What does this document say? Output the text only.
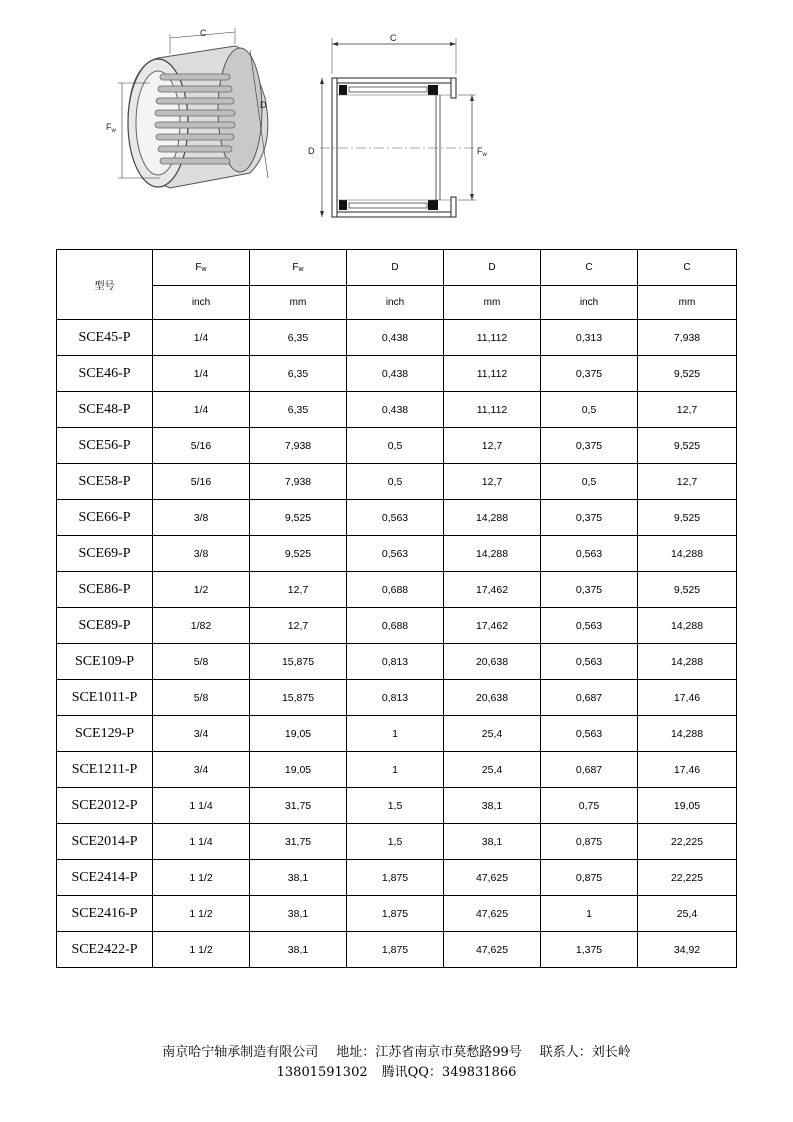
C
D
$F_w$
C
D	$F_w$
型号	Fw	Fw	D	D	C	C
	inch	mm	inch	mm	inch	mm
SCE45-P	1/4	6,35	0,438	11,112	0,313	7,938
SCE46-P	1/4	6,35	0,438	11,112	0,375	9,525
SCE48-P	1/4	6,35	0,438	11,112	0,5	12,7
SCE56-P	5/16	7,938	0,5	12,7	0,375	9,525
SCE58-P	5/16	7,938	0,5	12,7	0,5	12,7
SCE66-P	3/8	9,525	0,563	14,288	0,375	9,525
SCE69-P	3/8	9,525	0,563	14,288	0,563	14,288
SCE86-P	1/2	12,7	0,688	17,462	0,375	9,525
SCE89-P	1/82	12,7	0,688	17,462	0,563	14,288
SCE109-P	5/8	15,875	0,813	20,638	0,563	14,288
SCE1011-P	5/8	15,875	0,813	20,638	0,687	17,46
SCE129-P	3/4	19,05	1	25,4	0,563	14,288
SCE1211-P	3/4	19,05	1	25,4	0,687	17,46
SCE2012-P	1 1/4	31,75	1,5	38,1	0,75	19,05
SCE2014-P	1 1/4	31,75	1,5	38,1	0,875	22,225
SCE2414-P	1 1/2	38,1	1,875	47,625	0,875	22,225
SCE2416-P	1 1/2	38,1	1,875	47,625	1	25,4
SCE2422-P	1 1/2	38,1	1,875	47,625	1,375	34,92
南京哈宁轴承制造有限公司 地址：江苏省南京市莫愁路99号 联系人：刘长岭
13801591302 腾讯QQ：349831866
